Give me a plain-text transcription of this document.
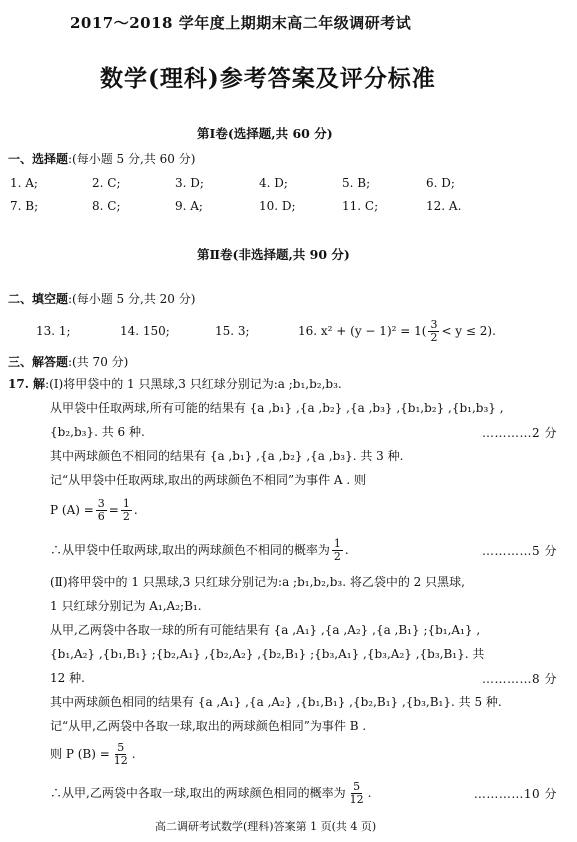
2017～2018 学年度上期期末高二年级调研考试
数学(理科)参考答案及评分标准
第Ⅰ卷(选择题,共 60 分)
一、选择题:(每小题 5 分,共 60 分)
1. A;	2. C;	3. D;	4. D;	5. B;	6. D;
7. B;	8. C;	9. A;	10. D;	11. C;	12. A.
第Ⅱ卷(非选择题,共 90 分)
二、填空题:(每小题 5 分,共 20 分)
13. 1;	14. 150;	15. 3;	16. $x^2 + (y - 1)^2 = 1( \frac{3}{2} < y \le 2)$.
三、解答题:(共 70 分)
17. 解:(Ⅰ)将甲袋中的 1 只黑球,3 只红球分别记为:a ;b₁,b₂,b₃.
从甲袋中任取两球,所有可能的结果有 {a ,b₁} ,{a ,b₂} ,{a ,b₃} ,{b₁,b₂} ,{b₁,b₃} ,
{b₂,b₃}. 共 6 种.	…………2 分
其中两球颜色不相同的结果有 {a ,b₁} ,{a ,b₂} ,{a ,b₃}. 共 3 种.
记“从甲袋中任取两球,取出的两球颜色不相同”为事件 A . 则
P $(A) = \frac{3}{6} = \frac{1}{2}$ .
∴从甲袋中任取两球,取出的两球颜色不相同的概率为 $\frac{1}{2}$ .	…………5 分
(Ⅱ)将甲袋中的 1 只黑球,3 只红球分别记为:a ;b₁,b₂,b₃. 将乙袋中的 2 只黑球,
1 只红球分别记为 A₁,A₂;B₁.
从甲,乙两袋中各取一球的所有可能结果有 {a ,A₁} ,{a ,A₂} ,{a ,B₁} ;{b₁,A₁} ,
{b₁,A₂} ,{b₁,B₁} ;{b₂,A₁} ,{b₂,A₂} ,{b₂,B₁} ;{b₃,A₁} ,{b₃,A₂} ,{b₃,B₁}. 共
12 种.	…………8 分
其中两球颜色相同的结果有 {a ,A₁} ,{a ,A₂} ,{b₁,B₁} ,{b₂,B₁} ,{b₃,B₁}. 共 5 种.
记“从甲,乙两袋中各取一球,取出的两球颜色相同”为事件 B .
则 P $(B) = \frac{5}{12}$ .
∴从甲,乙两袋中各取一球,取出的两球颜色相同的概率为 $\frac{5}{12}$ .	…………10 分
高二调研考试数学(理科)答案第 1 页(共 4 页)
